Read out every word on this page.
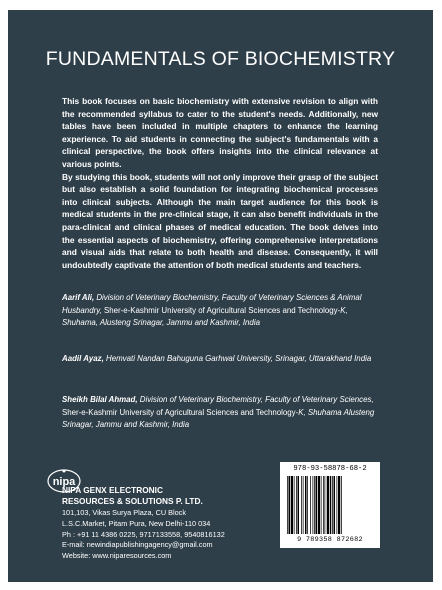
FUNDAMENTALS OF BIOCHEMISTRY

This book focuses on basic biochemistry with extensive revision to align with the recommended syllabus to cater to the student's needs. Additionally, new tables have been included in multiple chapters to enhance the learning experience. To aid students in connecting the subject's fundamentals with a clinical perspective, the book offers insights into the clinical relevance at various points.

By studying this book, students will not only improve their grasp of the subject but also establish a solid foundation for integrating biochemical processes into clinical subjects. Although the main target audience for this book is medical students in the pre-clinical stage, it can also benefit individuals in the para-clinical and clinical phases of medical education. The book delves into the essential aspects of biochemistry, offering comprehensive interpretations and visual aids that relate to both health and disease. Consequently, it will undoubtedly captivate the attention of both medical students and teachers.

Aarif Ali, Division of Veterinary Biochemistry, Faculty of Veterinary Sciences & Animal Husbandry, Sher-e-Kashmir University of Agricultural Sciences and Technology-K, Shuhama, Alusteng Srinagar, Jammu and Kashmir, India
Aadil Ayaz, Hemvati Nandan Bahuguna Garhwal University, Srinagar, Uttarakhand India
Sheikh Bilal Ahmad, Division of Veterinary Biochemistry, Faculty of Veterinary Sciences, Sher-e-Kashmir University of Agricultural Sciences and Technology-K, Shuhama Alusteng Srinagar, Jammu and Kashmir, India
nipa
NIPA GENX ELECTRONIC
RESOURCES & SOLUTIONS P. LTD.
101,103, Vikas Surya Plaza, CU Block
L.S.C.Market, Pitam Pura, New Delhi-110 034
Ph : +91 11 4386 0225, 9717133558, 9540816132
E-mail: newindiapublishingagency@gmail.com
Website: www.niparesources.com
978-93-58878-68-2
9 789358 872682
